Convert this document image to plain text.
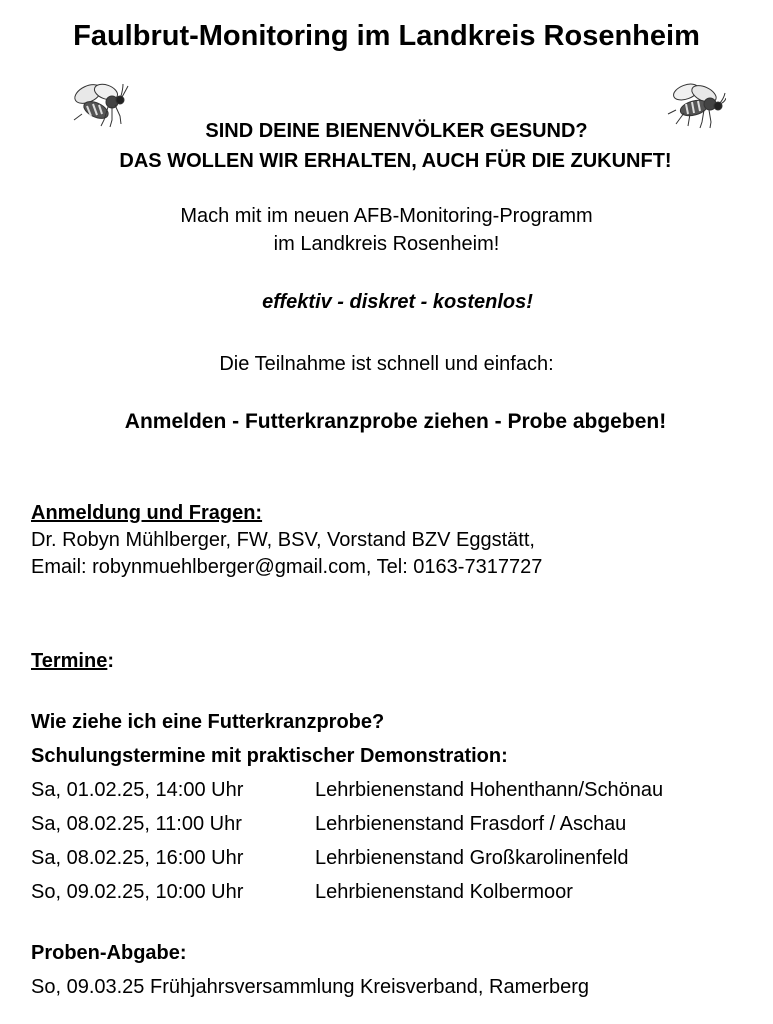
Faulbrut-Monitoring im Landkreis Rosenheim
SIND DEINE BIENENVÖLKER GESUND?
DAS WOLLEN WIR ERHALTEN, AUCH FÜR DIE ZUKUNFT!
Mach mit im neuen AFB-Monitoring-Programm
im Landkreis Rosenheim!
effektiv - diskret - kostenlos!
Die Teilnahme ist schnell und einfach:
Anmelden - Futterkranzprobe ziehen - Probe abgeben!
Anmeldung und Fragen:
Dr. Robyn Mühlberger, FW, BSV, Vorstand BZV Eggstätt,
Email: robynmuehlberger@gmail.com, Tel: 0163-7317727
Termine:
Wie ziehe ich eine Futterkranzprobe?
Schulungstermine mit praktischer Demonstration:
Sa, 01.02.25, 14:00 Uhr	Lehrbienenstand Hohenthann/Schönau
Sa, 08.02.25, 11:00 Uhr	Lehrbienenstand Frasdorf / Aschau
Sa, 08.02.25, 16:00 Uhr	Lehrbienenstand Großkarolinenfeld
So, 09.02.25, 10:00 Uhr	Lehrbienenstand Kolbermoor
Proben-Abgabe:
So, 09.03.25 Frühjahrsversammlung Kreisverband, Ramerberg
